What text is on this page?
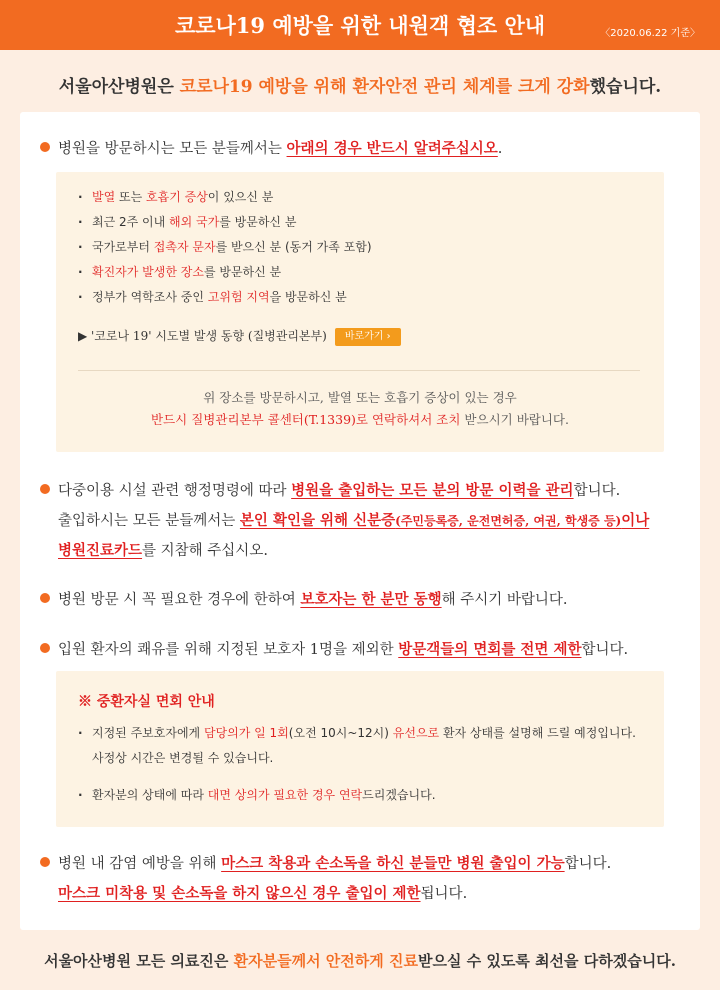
코로나19 예방을 위한 내원객 협조 안내	〈2020.06.22 기준〉
서울아산병원은 코로나19 예방을 위해 환자안전 관리 체계를 크게 강화했습니다.
병원을 방문하시는 모든 분들께서는 아래의 경우 반드시 알려주십시오.
· 발열 또는 호흡기 증상이 있으신 분
· 최근 2주 이내 해외 국가를 방문하신 분
· 국가로부터 접촉자 문자를 받으신 분 (동거 가족 포함)
· 확진자가 발생한 장소를 방문하신 분
· 정부가 역학조사 중인 고위험 지역을 방문하신 분
▶ '코로나 19' 시도별 발생 동향 (질병관리본부) 바로가기 ›
위 장소를 방문하시고, 발열 또는 호흡기 증상이 있는 경우
반드시 질병관리본부 콜센터(T.1339)로 연락하셔서 조치 받으시기 바랍니다.
다중이용 시설 관련 행정명령에 따라 병원을 출입하는 모든 분의 방문 이력을 관리합니다.
출입하시는 모든 분들께서는 본인 확인을 위해 신분증(주민등록증, 운전면허증, 여권, 학생증 등)이나
병원진료카드를 지참해 주십시오.
병원 방문 시 꼭 필요한 경우에 한하여 보호자는 한 분만 동행해 주시기 바랍니다.
입원 환자의 쾌유를 위해 지정된 보호자 1명을 제외한 방문객들의 면회를 전면 제한합니다.
※ 중환자실 면회 안내
· 지정된 주보호자에게 담당의가 일 1회(오전 10시~12시) 유선으로 환자 상태를 설명해 드릴 예정입니다.
사정상 시간은 변경될 수 있습니다.
· 환자분의 상태에 따라 대면 상의가 필요한 경우 연락드리겠습니다.
병원 내 감염 예방을 위해 마스크 착용과 손소독을 하신 분들만 병원 출입이 가능합니다.
마스크 미착용 및 손소독을 하지 않으신 경우 출입이 제한됩니다.
서울아산병원 모든 의료진은 환자분들께서 안전하게 진료받으실 수 있도록 최선을 다하겠습니다.
